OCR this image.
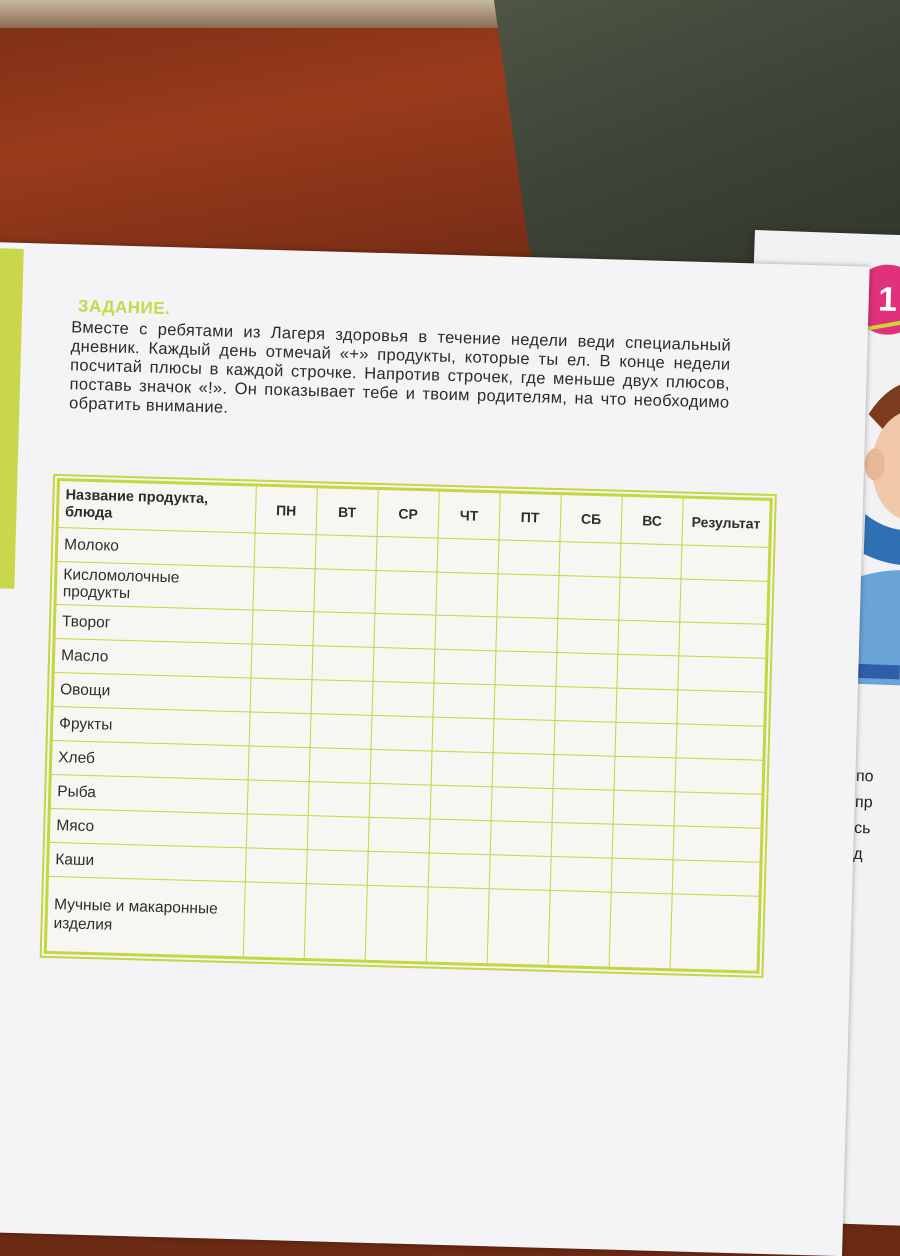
1
по
пр
сь
д
ЗАДАНИЕ.
Вместе с ребятами из Лагеря здоровья в течение недели веди специальный дневник. Каждый день отмечай «+» продукты, которые ты ел. В конце недели посчитай плюсы в каждой строчке. Напротив строчек, где меньше двух плюсов, поставь значок «!». Он показывает тебе и твоим родителям, на что необходимо обратить внимание.
Название продукта, блюда	ПН	ВТ	СР	ЧТ	ПТ	СБ	ВС	Результат
Молоко								
Кисломолочные продукты								
Творог								
Масло								
Овощи								
Фрукты								
Хлеб								
Рыба								
Мясо								
Каши								
Мучные и макаронные изделия								
